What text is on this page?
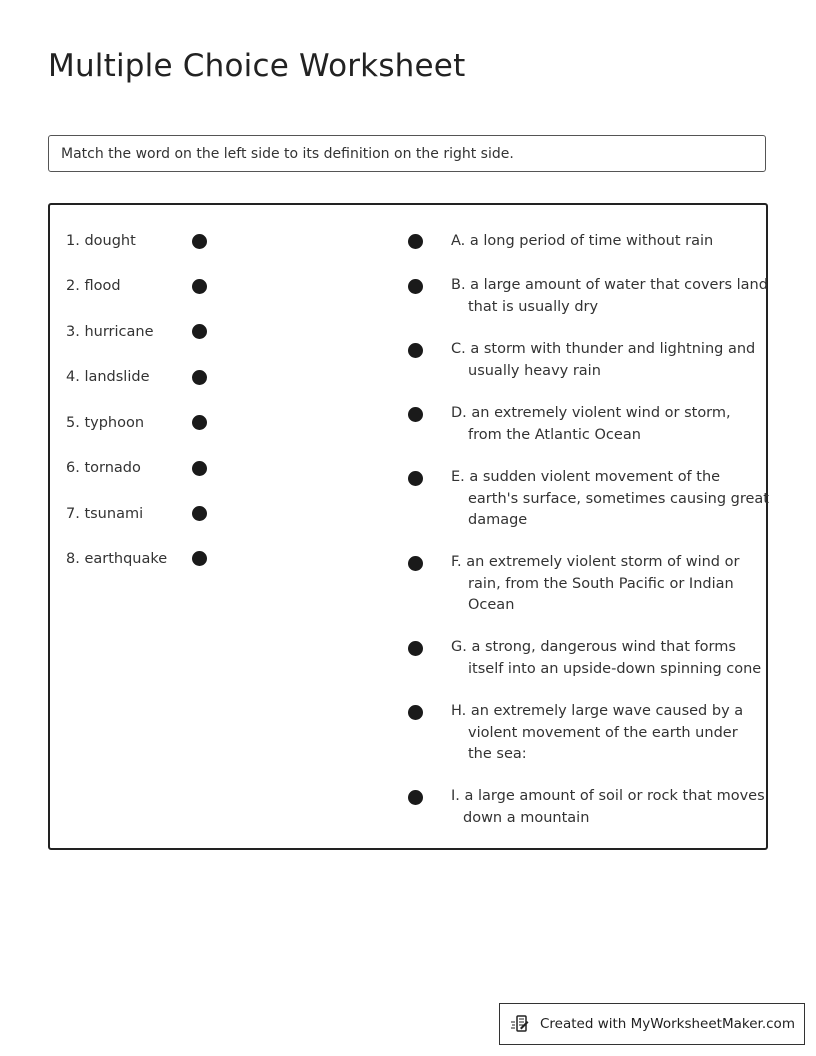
Multiple Choice Worksheet
Match the word on the left side to its definition on the right side.
1. dought
2. flood
3. hurricane
4. landslide
5. typhoon
6. tornado
7. tsunami
8. earthquake
A. a long period of time without rain
B. a large amount of water that covers land
that is usually dry
C. a storm with thunder and lightning and
usually heavy rain
D. an extremely violent wind or storm,
from the Atlantic Ocean
E. a sudden violent movement of the
earth's surface, sometimes causing great
damage
F. an extremely violent storm of wind or
rain, from the South Pacific or Indian
Ocean
G. a strong, dangerous wind that forms
itself into an upside-down spinning cone
H. an extremely large wave caused by a
violent movement of the earth under
the sea:
I. a large amount of soil or rock that moves
down a mountain
Created with MyWorksheetMaker.com
